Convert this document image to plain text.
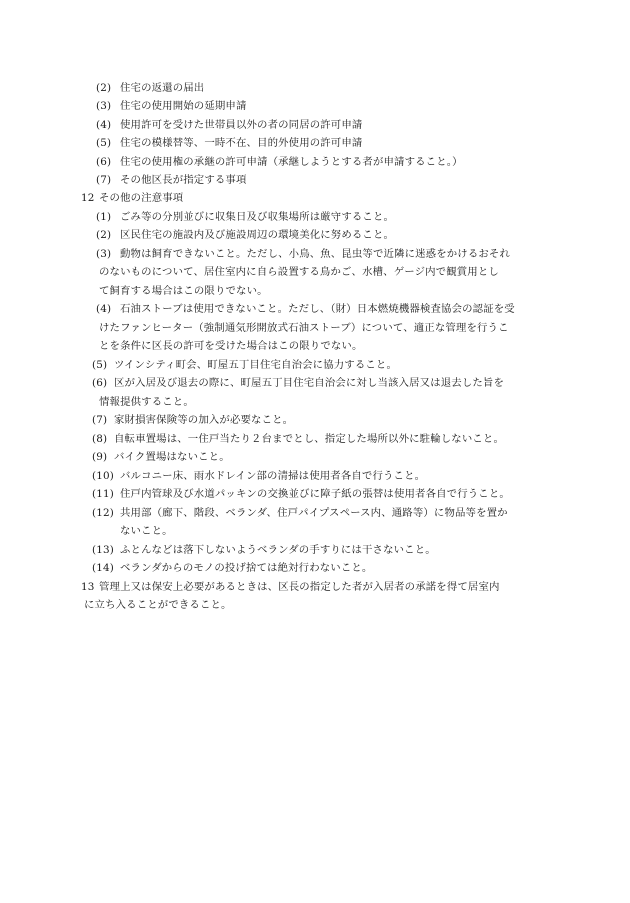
(2) 住宅の返還の届出
(3) 住宅の使用開始の延期申請
(4) 使用許可を受けた世帯員以外の者の同居の許可申請
(5) 住宅の模様替等、一時不在、目的外使用の許可申請
(6) 住宅の使用権の承継の許可申請（承継しようとする者が申請すること。）
(7) その他区長が指定する事項
12 その他の注意事項
(1) ごみ等の分別並びに収集日及び収集場所は厳守すること。
(2) 区民住宅の施設内及び施設周辺の環境美化に努めること。
(3) 動物は飼育できないこと。ただし、小鳥、魚、昆虫等で近隣に迷惑をかけるおそれ
のないものについて、居住室内に自ら設置する鳥かご、水槽、ゲージ内で観賞用とし
て飼育する場合はこの限りでない。
(4) 石油ストーブは使用できないこと。ただし、（財）日本燃焼機器検査協会の認証を受
けたファンヒーター（強制通気形開放式石油ストーブ）について、適正な管理を行うこ
とを条件に区長の許可を受けた場合はこの限りでない。
(5) ツインシティ町会、町屋五丁目住宅自治会に協力すること。
(6) 区が入居及び退去の際に、町屋五丁目住宅自治会に対し当該入居又は退去した旨を
情報提供すること。
(7) 家財損害保険等の加入が必要なこと。
(8) 自転車置場は、一住戸当たり２台までとし、指定した場所以外に駐輪しないこと。
(9) バイク置場はないこと。
(10) バルコニー床、雨水ドレイン部の清掃は使用者各自で行うこと。
(11) 住戸内管球及び水道パッキンの交換並びに障子紙の張替は使用者各自で行うこと。
(12) 共用部（廊下、階段、ベランダ、住戸パイプスペース内、通路等）に物品等を置か
ないこと。
(13) ふとんなどは落下しないようベランダの手すりには干さないこと。
(14) ベランダからのモノの投げ捨ては絶対行わないこと。
13 管理上又は保安上必要があるときは、区長の指定した者が入居者の承諾を得て居室内
に立ち入ることができること。
